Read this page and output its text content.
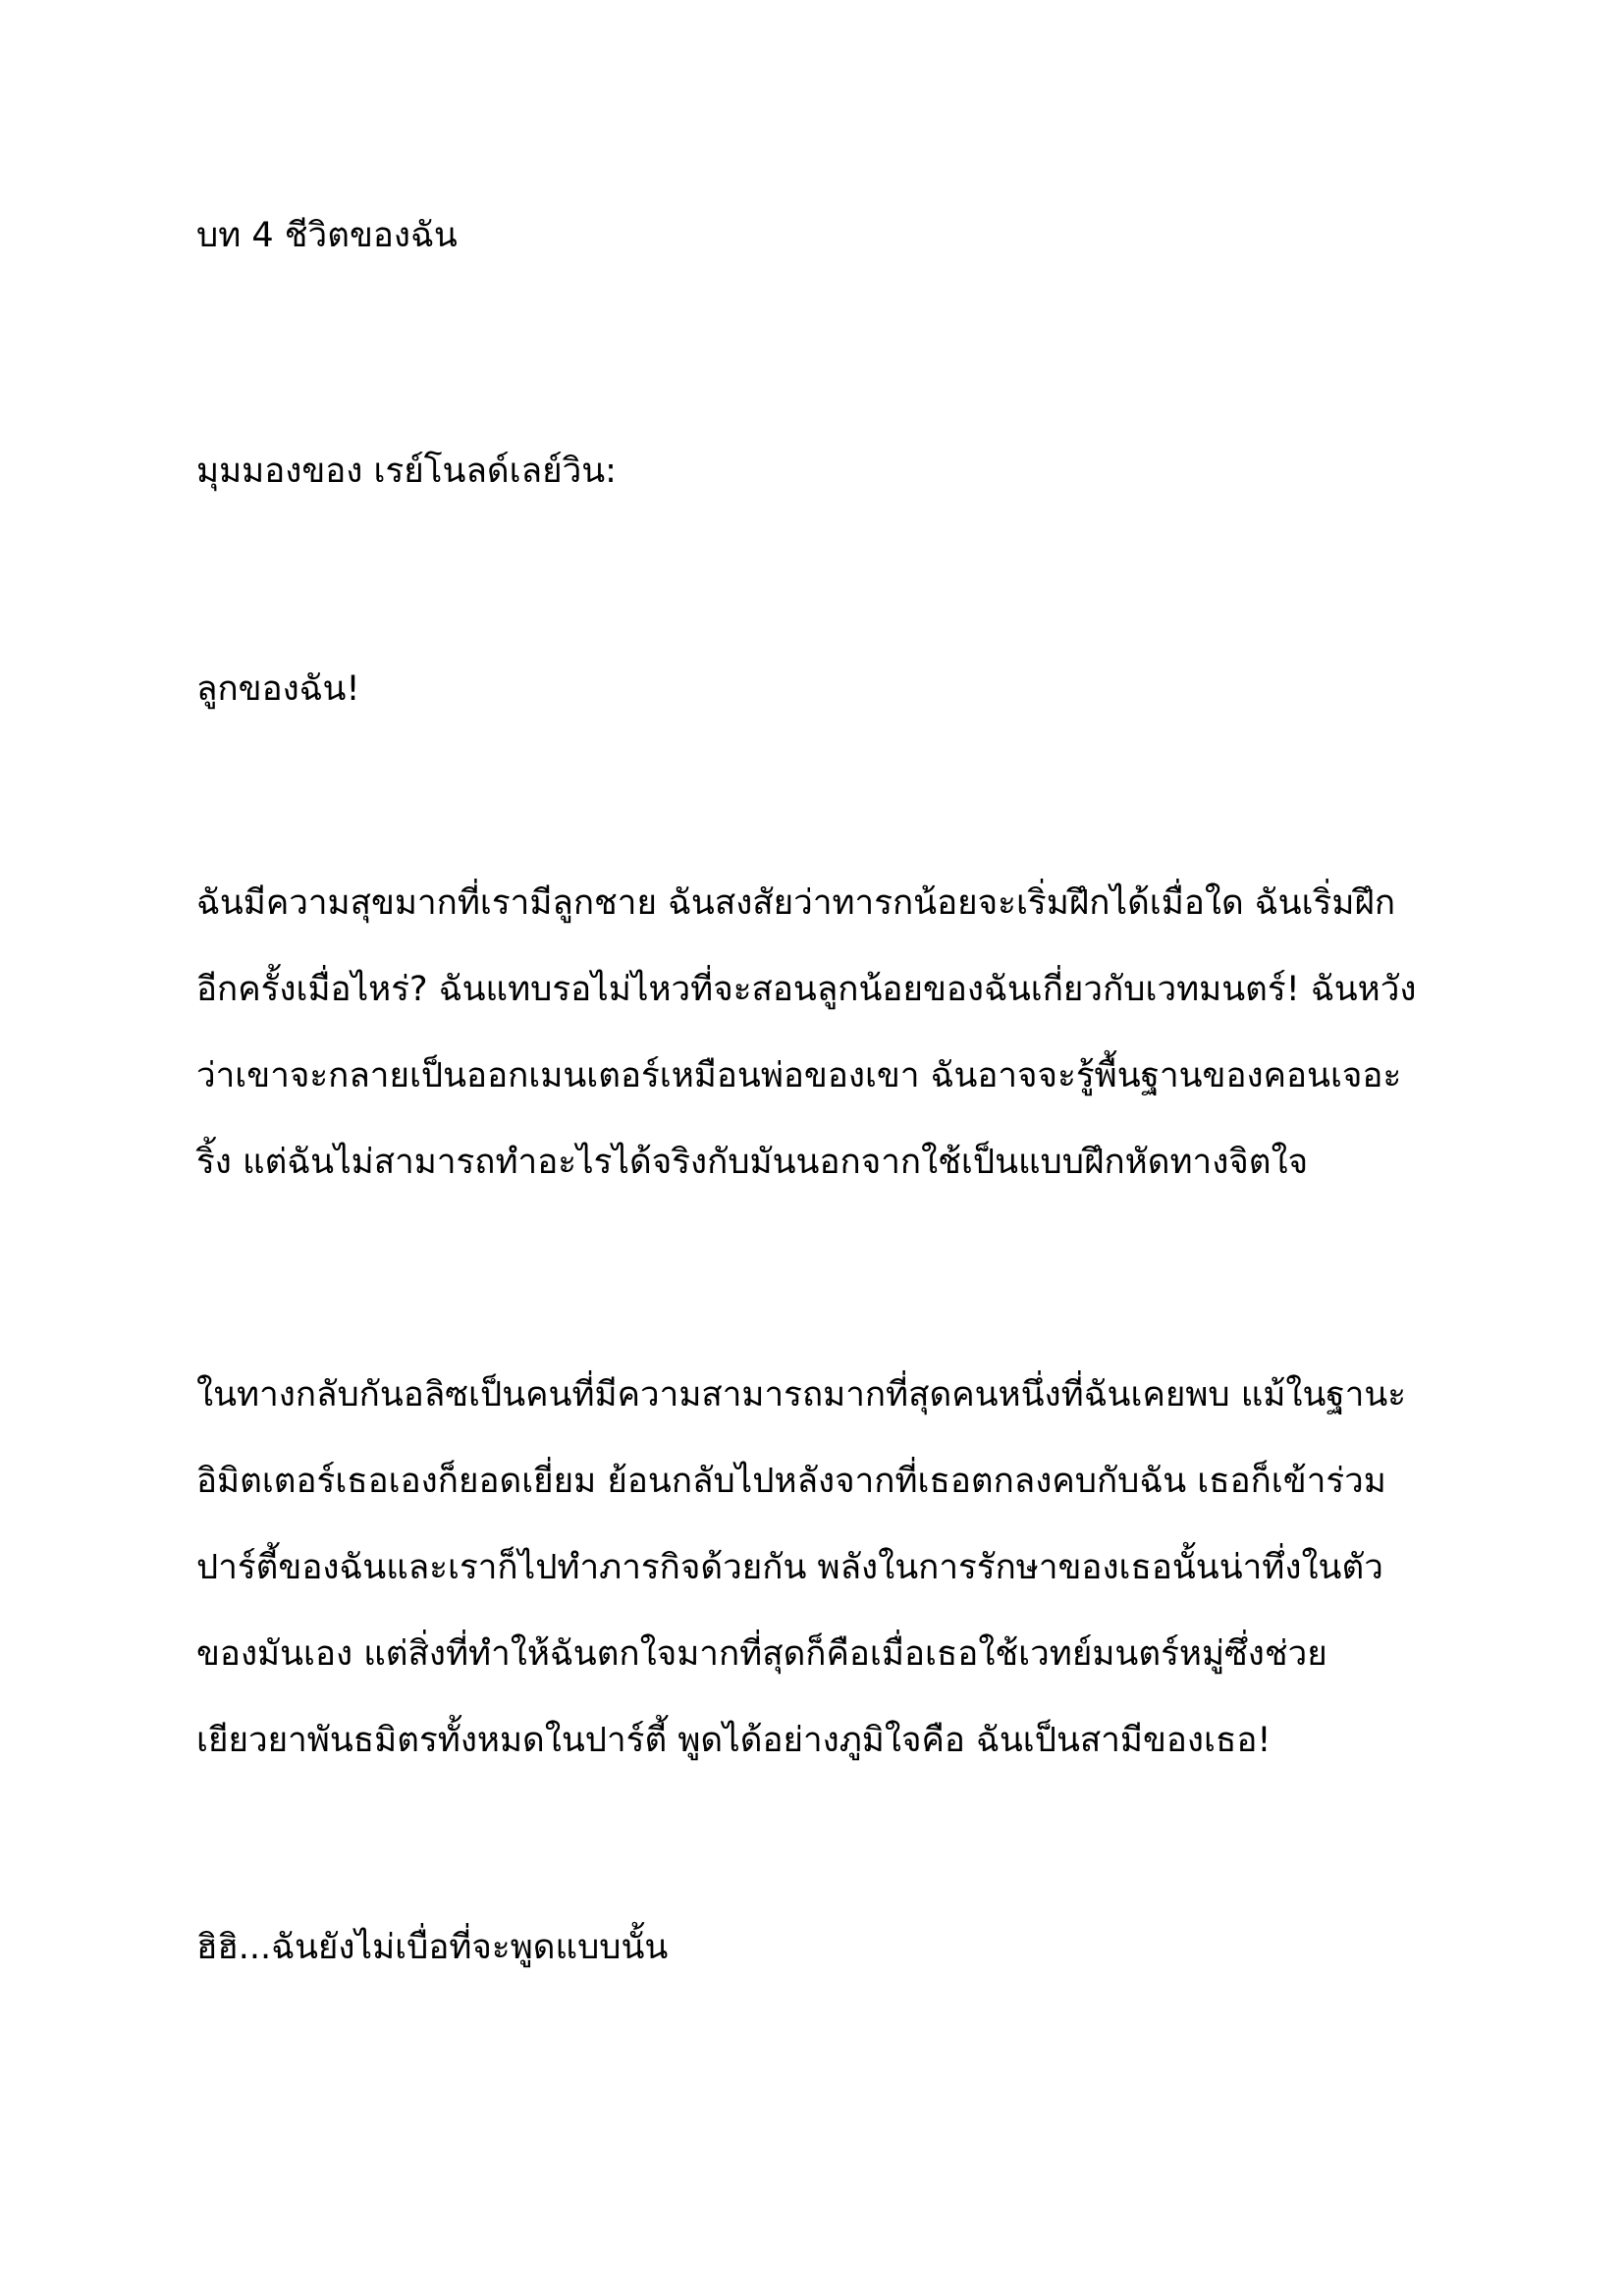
บท 4 ชีวิตของฉัน

มุมมองของ เรย์โนลด์เลย์วิน:

ลูกของฉัน!

ฉันมีความสุขมากที่เรามีลูกชาย ฉันสงสัยว่าทารกน้อยจะเริ่มฝึกได้เมื่อใด ฉันเริ่มฝึก
อีกครั้งเมื่อไหร่? ฉันแทบรอไม่ไหวที่จะสอนลูกน้อยของฉันเกี่ยวกับเวทมนตร์! ฉันหวัง
ว่าเขาจะกลายเป็นออกเมนเตอร์เหมือนพ่อของเขา ฉันอาจจะรู้พื้นฐานของคอนเจอะ
ริ้ง แต่ฉันไม่สามารถทำอะไรได้จริงกับมันนอกจากใช้เป็นแบบฝึกหัดทางจิตใจ

ในทางกลับกันอลิซเป็นคนที่มีความสามารถมากที่สุดคนหนึ่งที่ฉันเคยพบ แม้ในฐานะ
อิมิตเตอร์เธอเองก็ยอดเยี่ยม ย้อนกลับไปหลังจากที่เธอตกลงคบกับฉัน เธอก็เข้าร่วม
ปาร์ตี้ของฉันและเราก็ไปทำภารกิจด้วยกัน พลังในการรักษาของเธอนั้นน่าทึ่งในตัว
ของมันเอง แต่สิ่งที่ทำให้ฉันตกใจมากที่สุดก็คือเมื่อเธอใช้เวทย์มนตร์หมู่ซึ่งช่วย
เยียวยาพันธมิตรทั้งหมดในปาร์ตี้ พูดได้อย่างภูมิใจคือ ฉันเป็นสามีของเธอ!

ฮิฮิ...ฉันยังไม่เบื่อที่จะพูดแบบนั้น
